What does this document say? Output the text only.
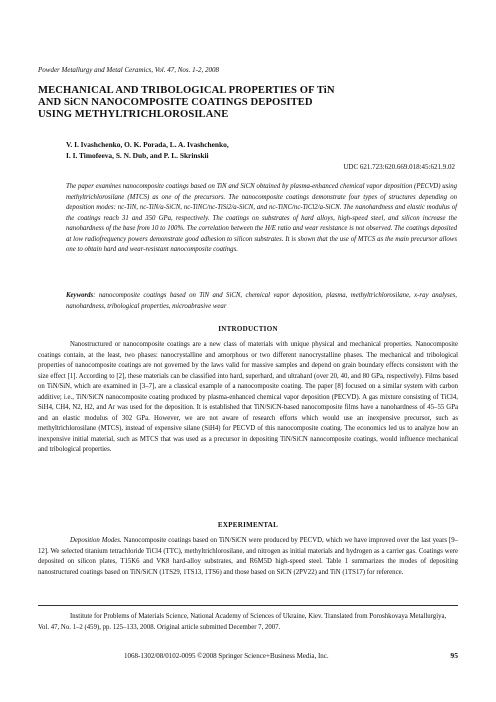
Powder Metallurgy and Metal Ceramics, Vol. 47, Nos. 1-2, 2008
MECHANICAL AND TRIBOLOGICAL PROPERTIES OF TiN
AND SiCN NANOCOMPOSITE COATINGS DEPOSITED
USING METHYLTRICHLOROSILANE
V. I. Ivashchenko, O. K. Porada, L. A. Ivashchenko,
I. I. Timofeeva, S. N. Dub, and P. L. Skrinskii
UDC 621.723:620.669.018:45:621.9.02
The paper examines nanocomposite coatings based on TiN and SiCN obtained by plasma-enhanced chemical vapor deposition (PECVD) using methyltrichlorosilane (MTCS) as one of the precursors. The nanocomposite coatings demonstrate four types of structures depending on deposition modes: nc-TiN, nc-TiN/a-SiCN, nc-TiNC/nc-TiSi2/a-SiCN, and nc-TiNC/nc-TiCl2/a-SiCN. The nanohardness and elastic modulus of the coatings reach 31 and 350 GPa, respectively. The coatings on substrates of hard alloys, high-speed steel, and silicon increase the nanohardness of the base from 10 to 100%. The correlation between the H/E ratio and wear resistance is not observed. The coatings deposited at low radiofrequency powers demonstrate good adhesion to silicon substrates. It is shown that the use of MTCS as the main precursor allows one to obtain hard and wear-resistant nanocomposite coatings.
Keywords: nanocomposite coatings based on TiN and SiCN, chemical vapor deposition, plasma, methyltrichlorosilane, x-ray analyses, nanohardness, tribological properties, microabrasive wear
INTRODUCTION

Nanostructured or nanocomposite coatings are a new class of materials with unique physical and mechanical properties. Nanocomposite coatings contain, at the least, two phases: nanocrystalline and amorphous or two different nanocrystalline phases. The mechanical and tribological properties of nanocomposite coatings are not governed by the laws valid for massive samples and depend on grain boundary effects consistent with the size effect [1]. According to [2], these materials can be classified into hard, superhard, and ultrahard (over 20, 40, and 80 GPa, respectively). Films based on TiN/SiN, which are examined in [3–7], are a classical example of a nanocomposite coating. The paper [8] focused on a similar system with carbon additive; i.e., TiN/SiCN nanocomposite coating produced by plasma-enhanced chemical vapor deposition (PECVD). A gas mixture consisting of TiCl4, SiH4, CH4, N2, H2, and Ar was used for the deposition. It is established that TiN/SiCN-based nanocomposite films have a nanohardness of 45–55 GPa and an elastic modulus of 302 GPa. However, we are not aware of research efforts which would use an inexpensive precursor, such as methyltrichlorosilane (MTCS), instead of expensive silane (SiH4) for PECVD of this nanocomposite coating. The economics led us to analyze how an inexpensive initial material, such as MTCS that was used as a precursor in depositing TiN/SiCN nanocomposite coatings, would influence mechanical and tribological properties.

EXPERIMENTAL

Deposition Modes. Nanocomposite coatings based on TiN/SiCN were produced by PECVD, which we have improved over the last years [9–12]. We selected titanium tetrachloride TiCl4 (TTC), methyltrichlorosilane, and nitrogen as initial materials and hydrogen as a carrier gas. Coatings were deposited on silicon plates, T15K6 and VK8 hard-alloy substrates, and R6M5D high-speed steel. Table 1 summarizes the modes of depositing nanostructured coatings based on TiN/SiCN (1TS29, 1TS13, 1TS6) and those based on SiCN (2PV22) and TiN (1TS17) for reference.

Institute for Problems of Materials Science, National Academy of Sciences of Ukraine, Kiev. Translated from Poroshkovaya Metallurgiya, Vol. 47, No. 1–2 (459), pp. 125–133, 2008. Original article submitted December 7, 2007.
1068-1302/08/0102-0095 ©2008 Springer Science+Business Media, Inc.	95
